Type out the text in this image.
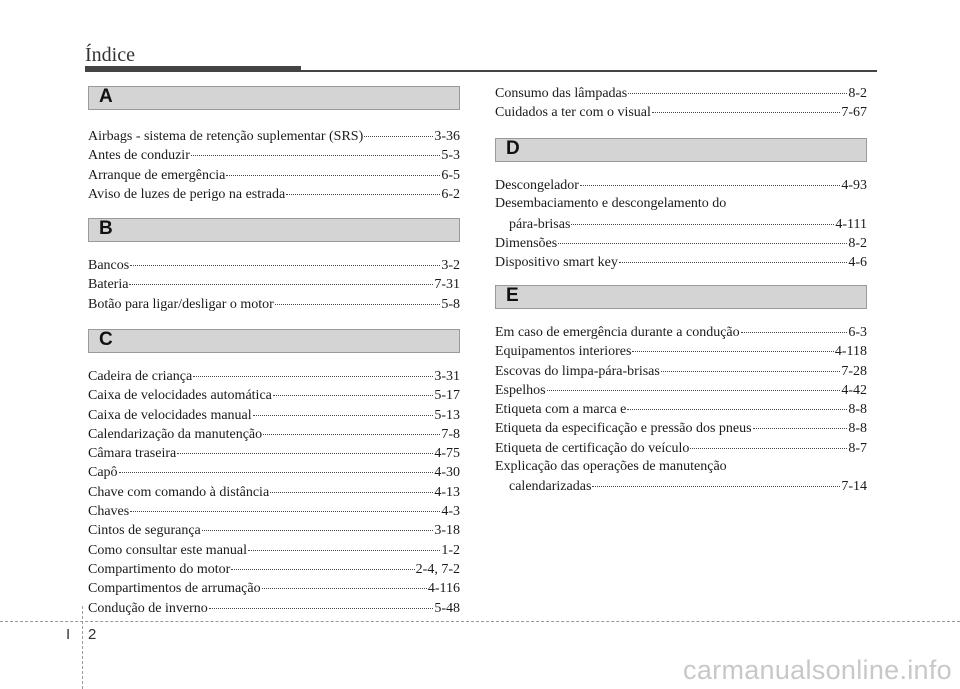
Índice
A
Airbags - sistema de retenção suplementar (SRS)	3-36
Antes de conduzir	5-3
Arranque de emergência	6-5
Aviso de luzes de perigo na estrada	6-2
B
Bancos	3-2
Bateria	7-31
Botão para ligar/desligar o motor	5-8
C
Cadeira de criança	3-31
Caixa de velocidades automática	5-17
Caixa de velocidades manual	5-13
Calendarização da manutenção	7-8
Câmara traseira	4-75
Capô	4-30
Chave com comando à distância	4-13
Chaves	4-3
Cintos de segurança	3-18
Como consultar este manual	1-2
Compartimento do motor	2-4, 7-2
Compartimentos de arrumação	4-116
Condução de inverno	5-48
Consumo das lâmpadas	8-2
Cuidados a ter com o visual	7-67
D
Descongelador	4-93
Desembaciamento e descongelamento do
pára-brisas	4-111
Dimensões	8-2
Dispositivo smart key	4-6
E
Em caso de emergência durante a condução	6-3
Equipamentos interiores	4-118
Escovas do limpa-pára-brisas	7-28
Espelhos	4-42
Etiqueta com a marca e	8-8
Etiqueta da especificação e pressão dos pneus	8-8
Etiqueta de certificação do veículo	8-7
Explicação das operações de manutenção
calendarizadas	7-14
I 2
carmanualsonline.info
